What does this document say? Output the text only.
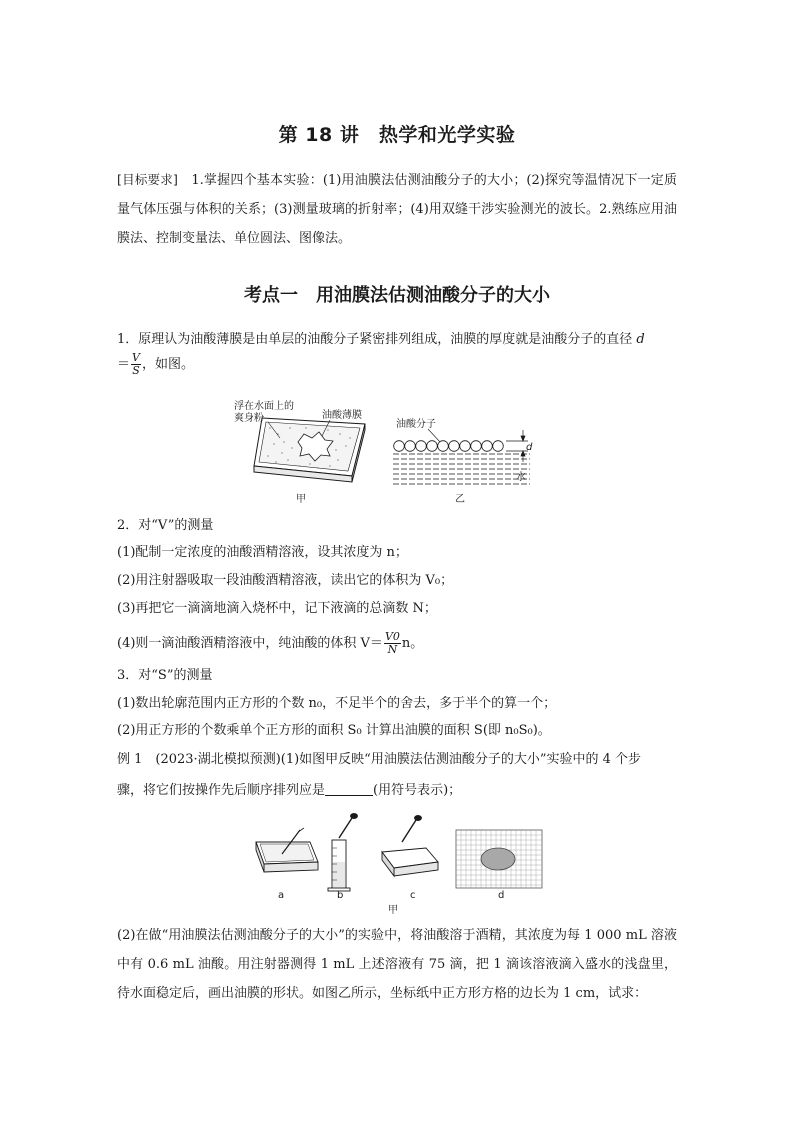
第 18 讲　热学和光学实验

[目标要求]　 1.掌握四个基本实验：(1)用油膜法估测油酸分子的大小；(2)探究等温情况下一定质量气体压强与体积的关系；(3)测量玻璃的折射率；(4)用双缝干涉实验测光的波长。2.熟练应用油膜法、控制变量法、单位圆法、图像法。

考点一　用油膜法估测油酸分子的大小
1．原理认为油酸薄膜是由单层的油酸分子紧密排列组成，油膜的厚度就是油酸分子的直径 d
＝ $\frac{V}{S}$ ，如图。
浮在水面上的
爽身粉	油酸薄膜
甲
油酸分子
d
水
乙
2．对“V”的测量
(1)配制一定浓度的油酸酒精溶液，设其浓度为 n；
(2)用注射器吸取一段油酸酒精溶液，读出它的体积为 V₀；
(3)再把它一滴滴地滴入烧杯中，记下液滴的总滴数 N；
(4)则一滴油酸酒精溶液中，纯油酸的体积 $V= \frac{V0}{N}$ n。
3．对“S”的测量
(1)数出轮廓范围内正方形的个数 n₀，不足半个的舍去，多于半个的算一个；
(2)用正方形的个数乘单个正方形的面积 S₀ 计算出油膜的面积 S(即 n₀S₀)。
例 1　(2023·湖北模拟预测)(1)如图甲反映“用油膜法估测油酸分子的大小”实验中的 4 个步
骤，将它们按操作先后顺序排列应是	(用符号表示)；
a	b	c	d
甲

(2)在做“用油膜法估测油酸分子的大小”的实验中，将油酸溶于酒精，其浓度为每 1 000 mL 溶液中有 0.6 mL 油酸。用注射器测得 1 mL 上述溶液有 75 滴，把 1 滴该溶液滴入盛水的浅盘里，待水面稳定后，画出油膜的形状。如图乙所示，坐标纸中正方形方格的边长为 1 cm，试求：
